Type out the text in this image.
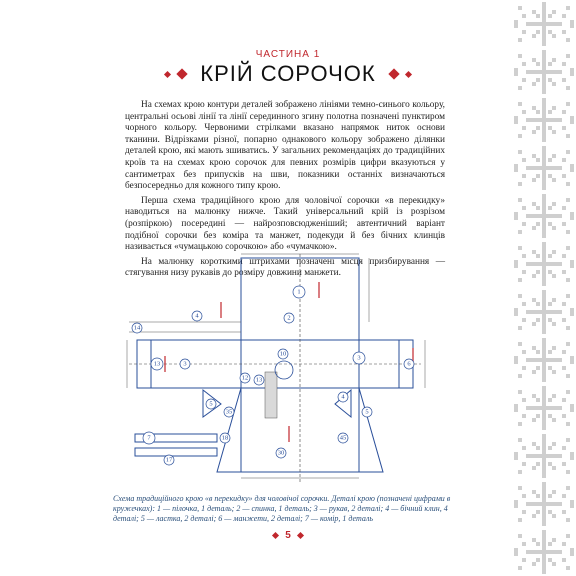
ЧАСТИНА 1
КРІЙ СОРОЧОК

На схемах крою контури деталей зображено лініями темно-синього кольору, центральні осьові лінії та лінії серединного згину полотна позначені пунктиром чорного кольору. Червоними стрілками вказано напрямок ниток основи тканини. Відрізками різної, попарно однакового кольору зображено ділянки деталей крою, які мають зшиватись. У загальних рекомендаціях до традиційних кроїв та на схемах крою сорочок для певних розмірів цифри вказуються у сантиметрах без припусків на шви, показники останніх визначаються безпосередньо для кожного типу крою.

Перша схема традиційного крою для чоловічої сорочки «в перекидку» наводиться на малюнку нижче. Такий універсальний крій із розрізом (розпіркою) посередині — найрозповсюдженіший; автентичний варіант подібної сорочки без коміра та манжет, подекуди й без бічних клинців називається «чумацькою сорочкою» або «чумачкою».

На малюнку короткими штрихами позначені місця призбирування — стягування низу рукавів до розміру довжини манжети.

1
2
3
3
4
4
5
5
6
7
10
12
13
13
14
17
18
30
35
45
Схема традиційного крою «в перекидку» для чоловічої сорочки. Деталі крою (позначені цифрами в кружечках): 1 — пілочка, 1 деталь; 2 — спинка, 1 деталь; 3 — рукав, 2 деталі; 4 — бічний клин, 4 деталі; 5 — ластка, 2 деталі; 6 — манжети, 2 деталі; 7 — комір, 1 деталь
5
